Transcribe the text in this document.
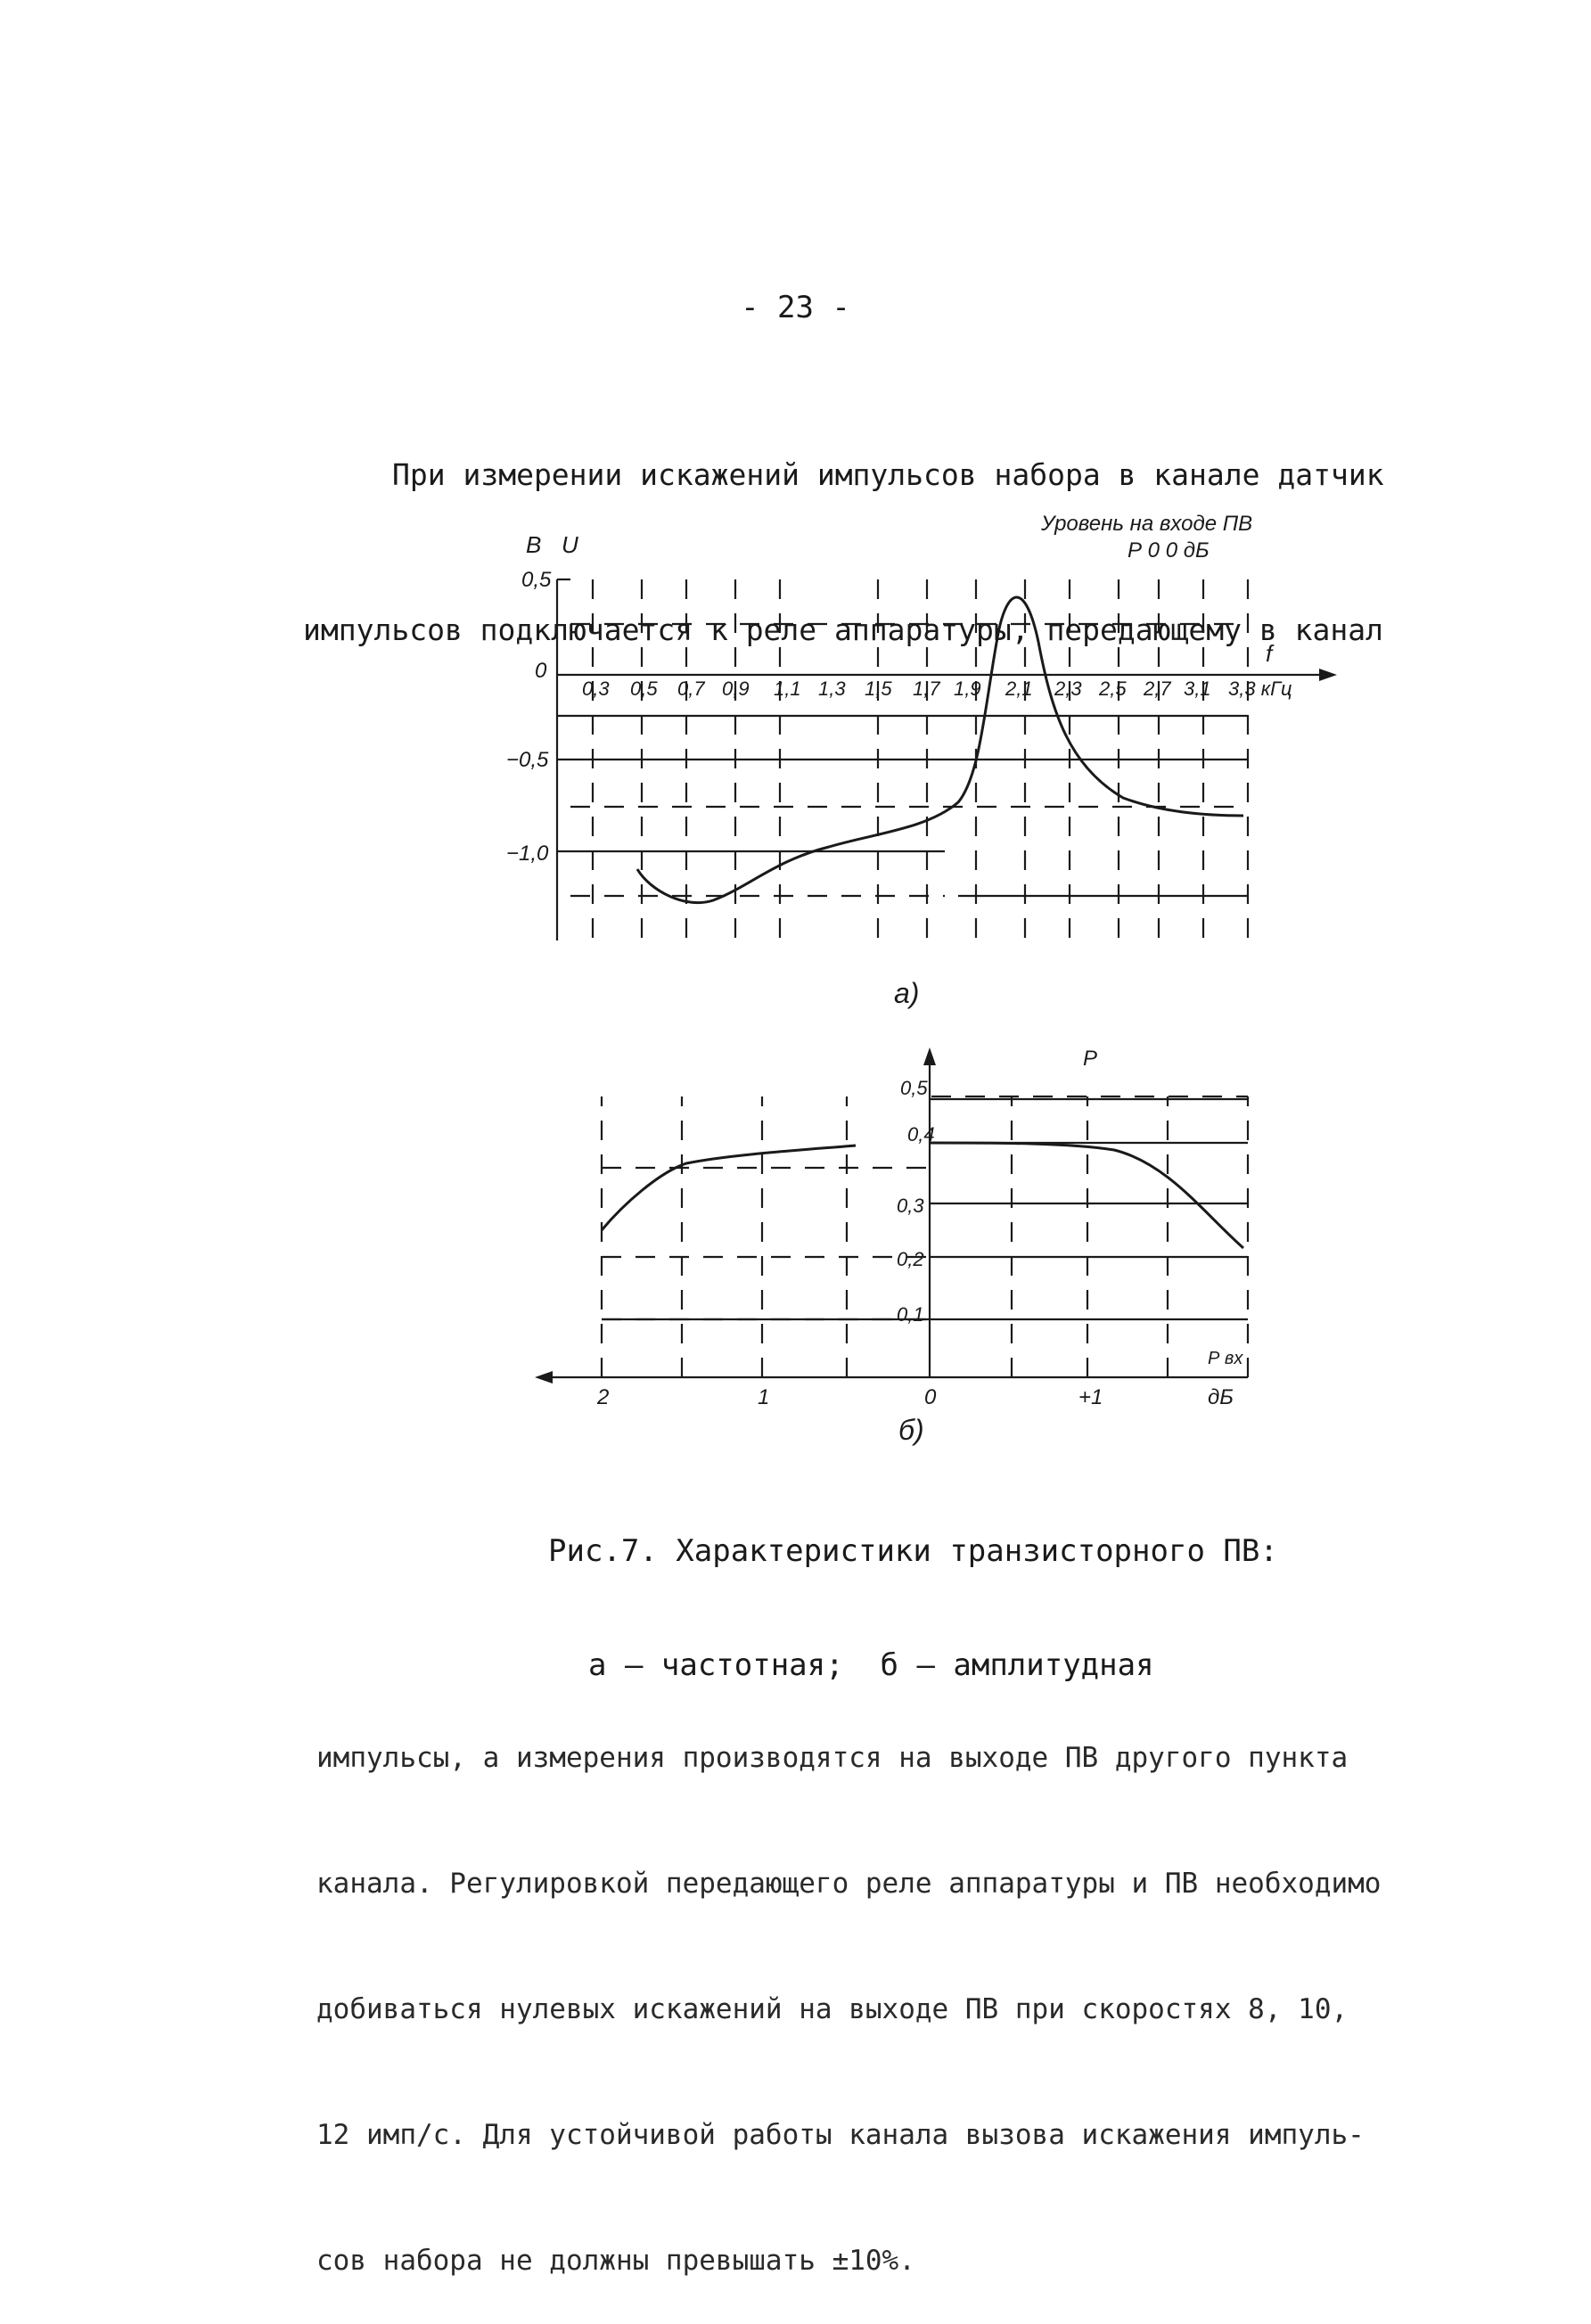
- 23 -

При измерении искажений импульсов набора в канале датчик

импульсов подключается к реле аппаратуры, передающему в канал

В U
Уровень на входе ПВ
Р 0 0 дБ
0,5
0
−0,5
−1,0
0,3 0,5 0,7 0,9 1,1 1,3 1,5 1,7 1,9 2,1 2,3 2,5 2,7 3,1 3,3 кГц
f
а)
Р
0,5
0,4
0,3
0,2
0,1
2	1	0	+1	дБ
Р вх
б)

Рис.7. Характеристики транзисторного ПВ:

а – частотная;  б – амплитудная

импульсы, а измерения производятся на выходе ПВ другого пункта

канала. Регулировкой передающего реле аппаратуры и ПВ необходимо

добиваться нулевых искажений на выходе ПВ при скоростях 8, 10,

12 имп/с. Для устойчивой работы канала вызова искажения импуль-

сов набора не должны превышать ±10%.
